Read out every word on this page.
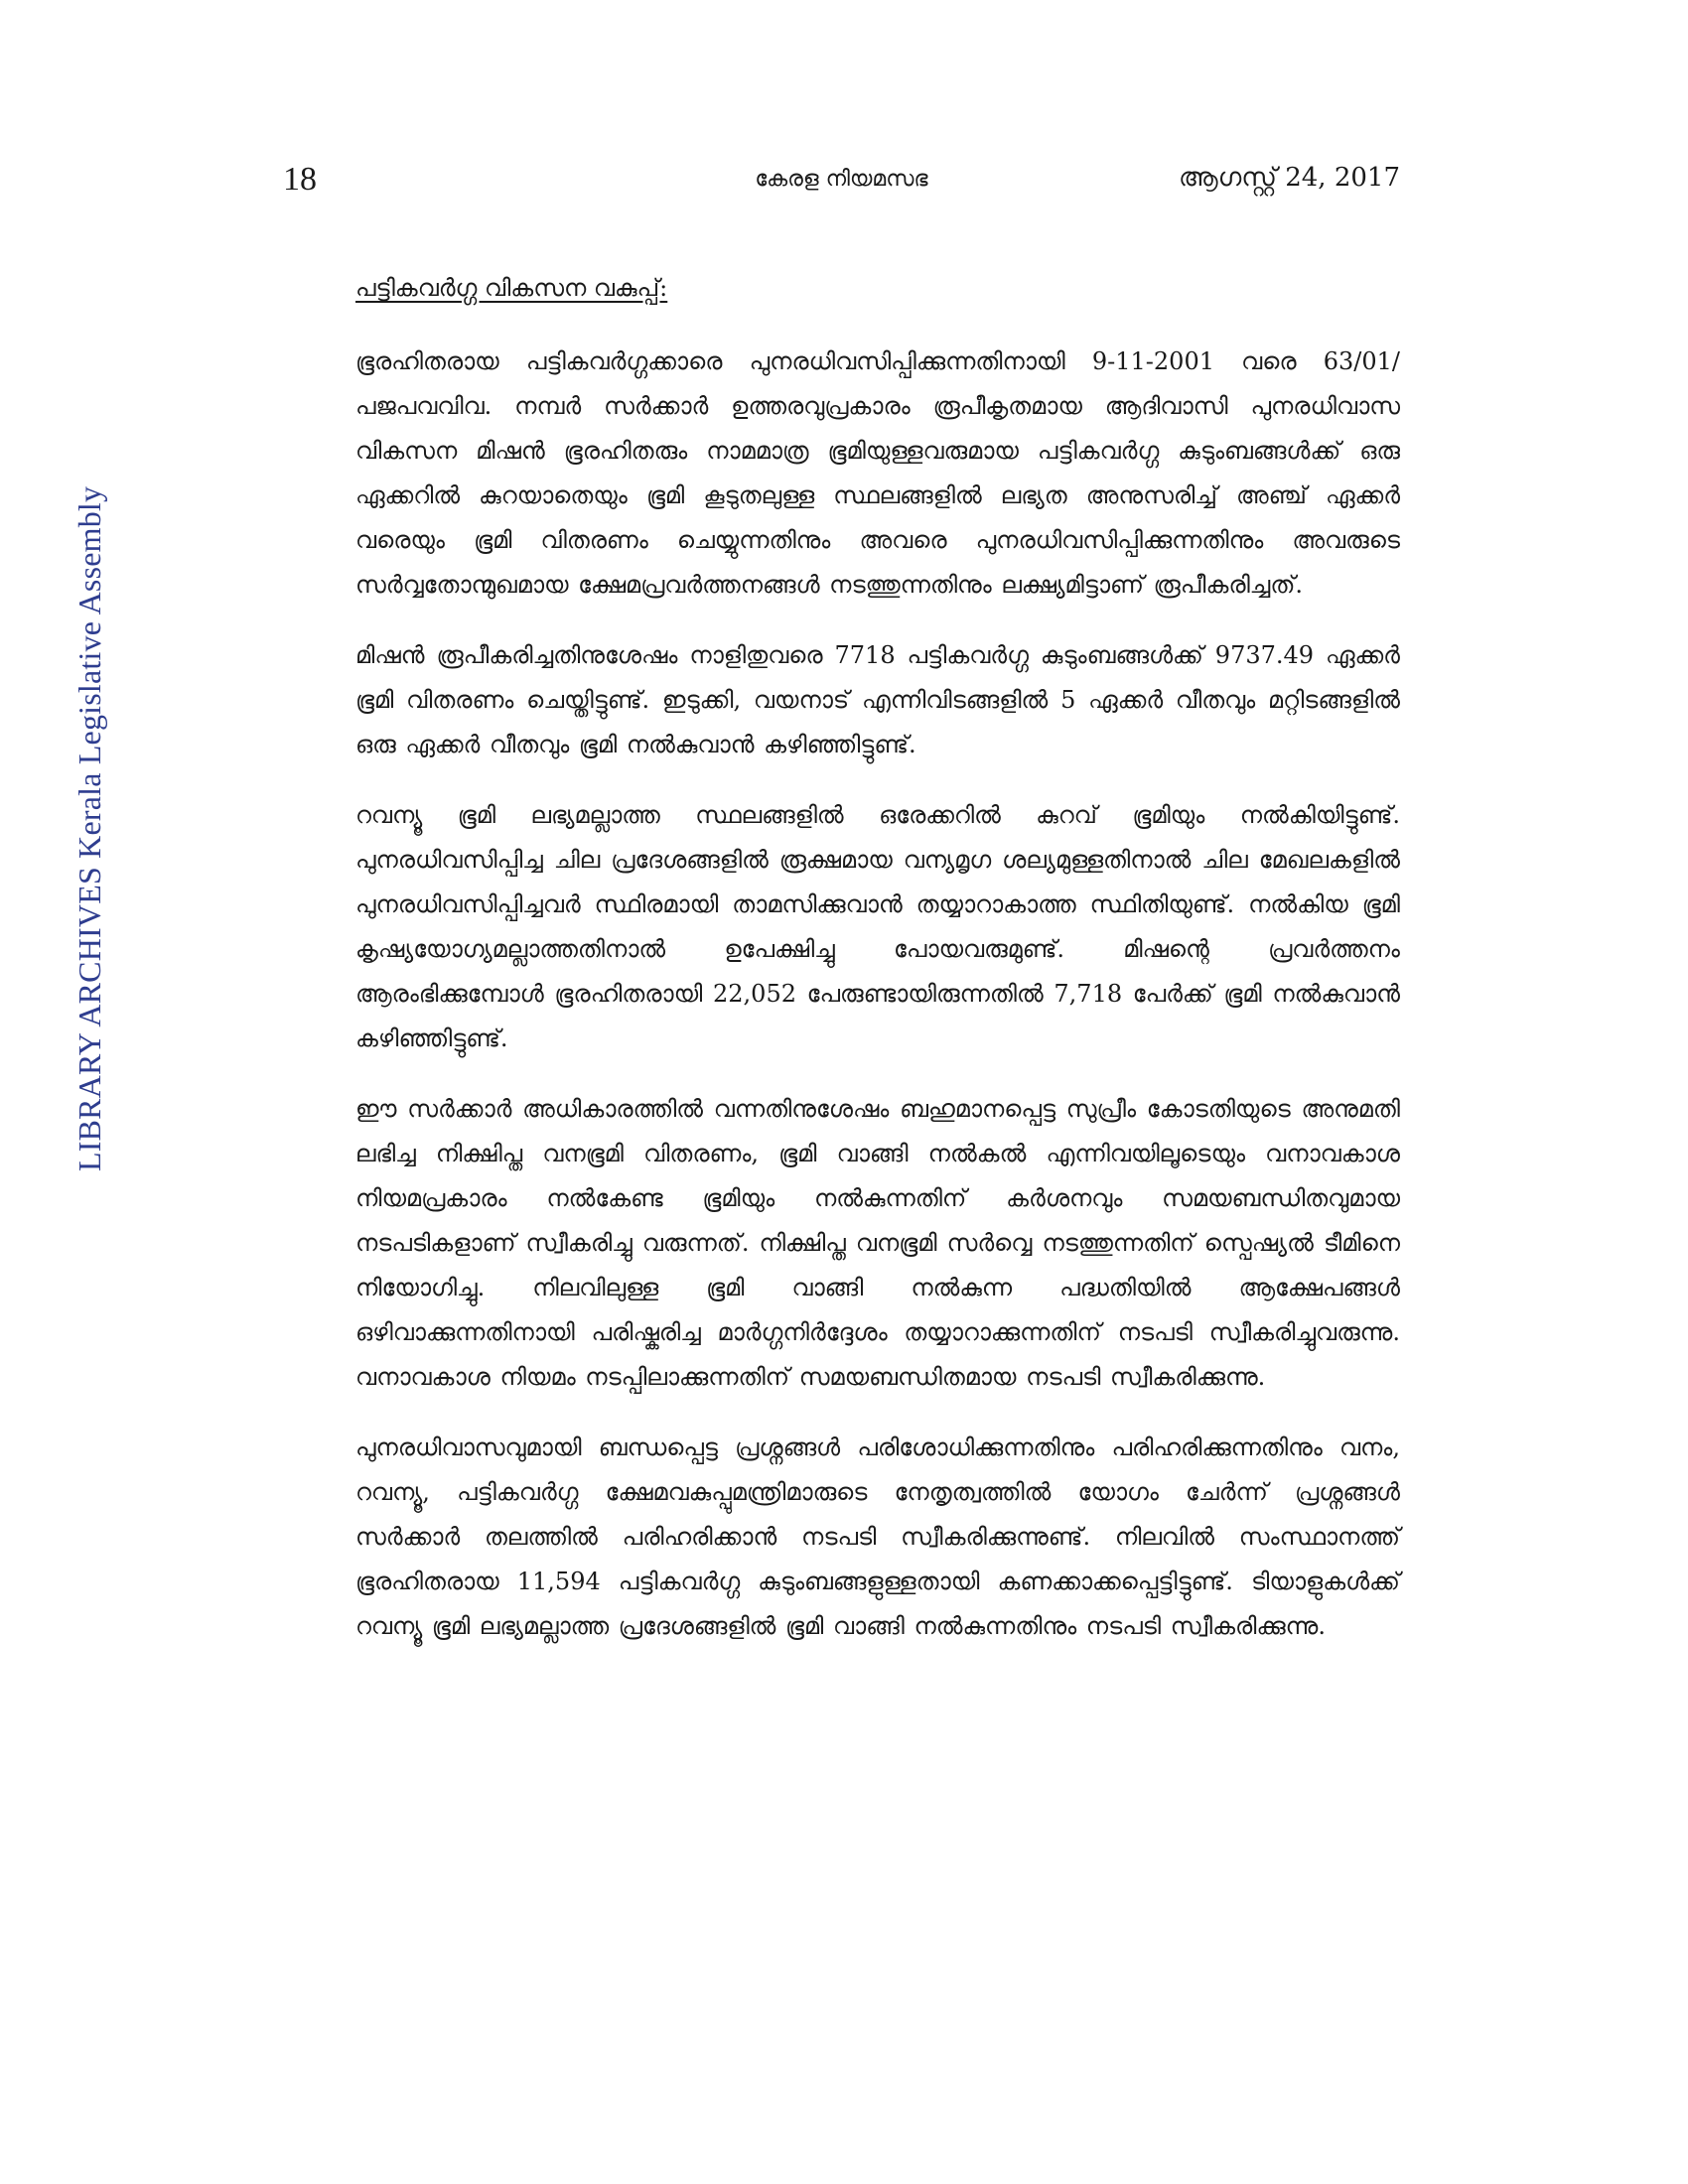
18	കേരള നിയമസഭ	ആഗസ്റ്റ് 24, 2017
LIBRARY ARCHIVES Kerala Legislative Assembly
പട്ടികവർഗ്ഗ വികസന വകുപ്പ്:

ഭൂരഹിതരായ പട്ടികവർഗ്ഗക്കാരെ പുനരധിവസിപ്പിക്കുന്നതിനായി 9-11-2001 വരെ 63/01/പജപവവിവ. നമ്പർ സർക്കാർ ഉത്തരവുപ്രകാരം രൂപീകൃതമായ ആദിവാസി പുനരധിവാസ വികസന മിഷൻ ഭൂരഹിതരും നാമമാത്ര ഭൂമിയുള്ളവരുമായ പട്ടികവർഗ്ഗ കുടുംബങ്ങൾക്ക് ഒരു ഏക്കറിൽ കുറയാതെയും ഭൂമി കൂടുതലുള്ള സ്ഥലങ്ങളിൽ ലഭ്യത അനുസരിച്ച് അഞ്ച് ഏക്കർ വരെയും ഭൂമി വിതരണം ചെയ്യുന്നതിനും അവരെ പുനരധിവസിപ്പിക്കുന്നതിനും അവരുടെ സർവ്വതോന്മുഖമായ ക്ഷേമപ്രവർത്തനങ്ങൾ നടത്തുന്നതിനും ലക്ഷ്യമിട്ടാണ് രൂപീകരിച്ചത്.

മിഷൻ രൂപീകരിച്ചതിനുശേഷം നാളിതുവരെ 7718 പട്ടികവർഗ്ഗ കുടുംബങ്ങൾക്ക് 9737.49 ഏക്കർ ഭൂമി വിതരണം ചെയ്തിട്ടുണ്ട്. ഇടുക്കി, വയനാട് എന്നിവിടങ്ങളിൽ 5 ഏക്കർ വീതവും മറ്റിടങ്ങളിൽ ഒരു ഏക്കർ വീതവും ഭൂമി നൽകുവാൻ കഴിഞ്ഞിട്ടുണ്ട്.

റവന്യൂ ഭൂമി ലഭ്യമല്ലാത്ത സ്ഥലങ്ങളിൽ ഒരേക്കറിൽ കുറവ് ഭൂമിയും നൽകിയിട്ടുണ്ട്. പുനരധിവസിപ്പിച്ച ചില പ്രദേശങ്ങളിൽ രൂക്ഷമായ വന്യമൃഗ ശല്യമുള്ളതിനാൽ ചില മേഖലകളിൽ പുനരധിവസിപ്പിച്ചവർ സ്ഥിരമായി താമസിക്കുവാൻ തയ്യാറാകാത്ത സ്ഥിതിയുണ്ട്. നൽകിയ ഭൂമി കൃഷ്യയോഗ്യമല്ലാത്തതിനാൽ ഉപേക്ഷിച്ചു പോയവരുമുണ്ട്. മിഷന്റെ പ്രവർത്തനം ആരംഭിക്കുമ്പോൾ ഭൂരഹിതരായി 22,052 പേരുണ്ടായിരുന്നതിൽ 7,718 പേർക്ക് ഭൂമി നൽകുവാൻ കഴിഞ്ഞിട്ടുണ്ട്.

ഈ സർക്കാർ അധികാരത്തിൽ വന്നതിനുശേഷം ബഹുമാനപ്പെട്ട സുപ്രീം കോടതിയുടെ അനുമതി ലഭിച്ച നിക്ഷിപ്ത വനഭൂമി വിതരണം, ഭൂമി വാങ്ങി നൽകൽ എന്നിവയിലൂടെയും വനാവകാശ നിയമപ്രകാരം നൽകേണ്ട ഭൂമിയും നൽകുന്നതിന് കർശനവും സമയബന്ധിതവുമായ നടപടികളാണ് സ്വീകരിച്ചു വരുന്നത്. നിക്ഷിപ്ത വനഭൂമി സർവ്വെ നടത്തുന്നതിന് സ്പെഷ്യൽ ടീമിനെ നിയോഗിച്ചു. നിലവിലുള്ള ഭൂമി വാങ്ങി നൽകുന്ന പദ്ധതിയിൽ ആക്ഷേപങ്ങൾ ഒഴിവാക്കുന്നതിനായി പരിഷ്കരിച്ച മാർഗ്ഗനിർദ്ദേശം തയ്യാറാക്കുന്നതിന് നടപടി സ്വീകരിച്ചുവരുന്നു. വനാവകാശ നിയമം നടപ്പിലാക്കുന്നതിന് സമയബന്ധിതമായ നടപടി സ്വീകരിക്കുന്നു.

പുനരധിവാസവുമായി ബന്ധപ്പെട്ട പ്രശ്നങ്ങൾ പരിശോധിക്കുന്നതിനും പരിഹരിക്കുന്നതിനും വനം, റവന്യൂ, പട്ടികവർഗ്ഗ ക്ഷേമവകുപ്പുമന്ത്രിമാരുടെ നേതൃത്വത്തിൽ യോഗം ചേർന്ന് പ്രശ്നങ്ങൾ സർക്കാർ തലത്തിൽ പരിഹരിക്കാൻ നടപടി സ്വീകരിക്കുന്നുണ്ട്. നിലവിൽ സംസ്ഥാനത്ത് ഭൂരഹിതരായ 11,594 പട്ടികവർഗ്ഗ കുടുംബങ്ങളുള്ളതായി കണക്കാക്കപ്പെട്ടിട്ടുണ്ട്. ടിയാളുകൾക്ക് റവന്യൂ ഭൂമി ലഭ്യമല്ലാത്ത പ്രദേശങ്ങളിൽ ഭൂമി വാങ്ങി നൽകുന്നതിനും നടപടി സ്വീകരിക്കുന്നു.
